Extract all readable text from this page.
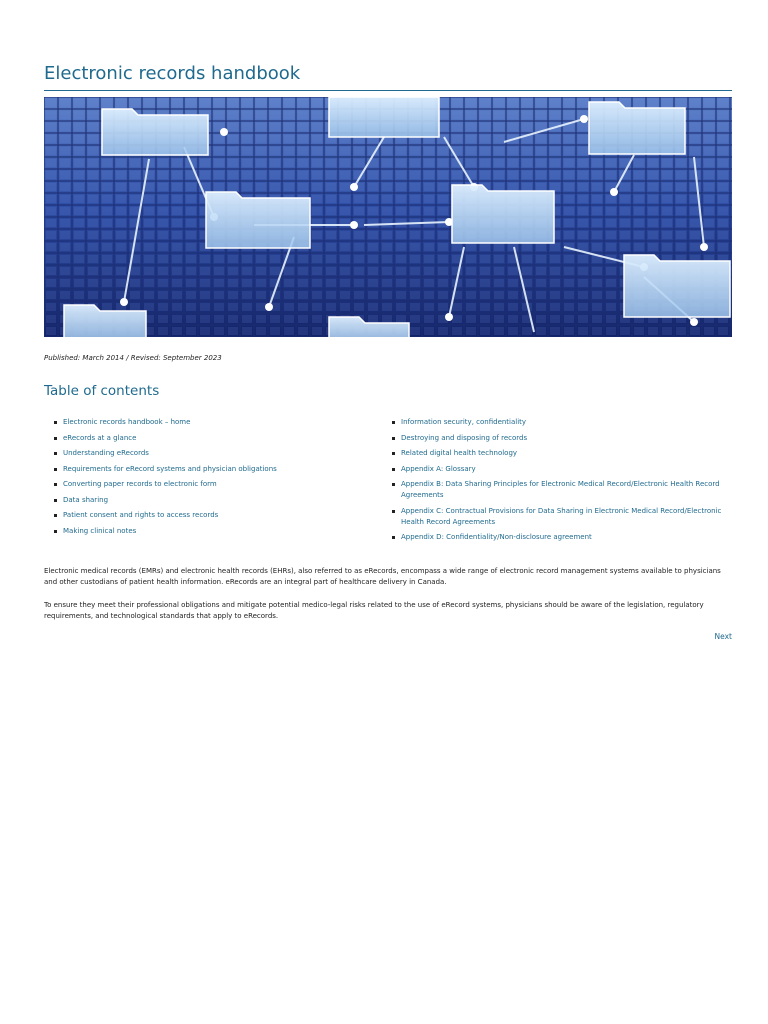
Electronic records handbook
Published: March 2014 / Revised: September 2023
Table of contents
Electronic records handbook – home
eRecords at a glance
Understanding eRecords
Requirements for eRecord systems and physician obligations
Converting paper records to electronic form
Data sharing
Patient consent and rights to access records
Making clinical notes
Information security, confidentiality
Destroying and disposing of records
Related digital health technology
Appendix A: Glossary
Appendix B: Data Sharing Principles for Electronic Medical Record/Electronic Health Record Agreements
Appendix C: Contractual Provisions for Data Sharing in Electronic Medical Record/Electronic Health Record Agreements
Appendix D: Confidentiality/Non-disclosure agreement

Electronic medical records (EMRs) and electronic health records (EHRs), also referred to as eRecords, encompass a wide range of electronic record management systems available to physicians and other custodians of patient health information. eRecords are an integral part of healthcare delivery in Canada.

To ensure they meet their professional obligations and mitigate potential medico-legal risks related to the use of eRecord systems, physicians should be aware of the legislation, regulatory requirements, and technological standards that apply to eRecords.

Next
